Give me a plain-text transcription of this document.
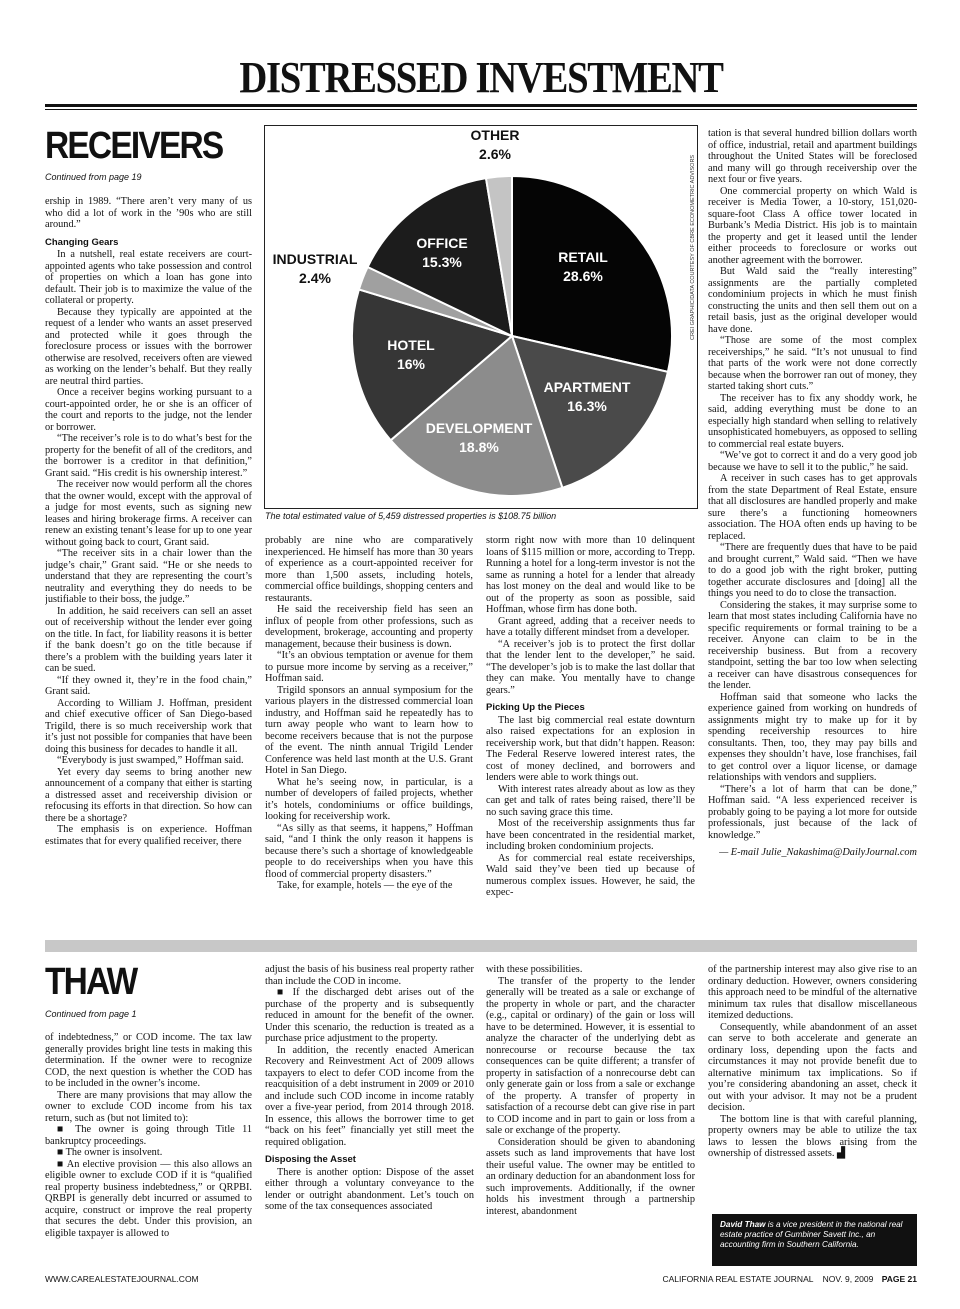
DISTRESSED INVESTMENT
RECEIVERS
Continued from page 19

ership in 1989. “There aren’t very many of us who did a lot of work in the ’90s who are still around.”

Changing Gears

In a nutshell, real estate receivers are court-appointed agents who take possession and control of properties on which a loan has gone into default. Their job is to maximize the value of the collateral or property.

Because they typically are appointed at the request of a lender who wants an asset preserved and protected while it goes through the foreclosure process or issues with the borrower otherwise are resolved, receivers often are viewed as working on the lender’s behalf. But they really are neutral third parties.

Once a receiver begins working pursuant to a court-appointed order, he or she is an officer of the court and reports to the judge, not the lender or borrower.

“The receiver’s role is to do what’s best for the property for the benefit of all of the creditors, and the borrower is a creditor in that definition,” Grant said. “His credit is his ownership interest.”

The receiver now would perform all the chores that the owner would, except with the approval of a judge for most events, such as signing new leases and hiring brokerage firms. A receiver can renew an existing tenant’s lease for up to one year without going back to court, Grant said.

“The receiver sits in a chair lower than the judge’s chair,” Grant said. “He or she needs to understand that they are representing the court’s neutrality and everything they do needs to be justifiable to their boss, the judge.”

In addition, he said receivers can sell an asset out of receivership without the lender ever going on the title. In fact, for liability reasons it is better if the bank doesn’t go on the title because if there’s a problem with the building years later it can be sued.

“If they owned it, they’re in the food chain,” Grant said.

According to William J. Hoffman, president and chief executive officer of San Diego-based Trigild, there is so much receivership work that it’s just not possible for companies that have been doing this business for decades to handle it all.

“Everybody is just swamped,” Hoffman said.

Yet every day seems to bring another new announcement of a company that either is starting a distressed asset and receivership division or refocusing its efforts in that direction. So how can there be a shortage?

The emphasis is on experience. Hoffman estimates that for every qualified receiver, there

probably are nine who are comparatively inexperienced. He himself has more than 30 years of experience as a court-appointed receiver for more than 1,500 assets, including hotels, commercial office buildings, shopping centers and restaurants.

He said the receivership field has seen an influx of people from other professions, such as development, brokerage, accounting and property management, because their business is down.

“It’s an obvious temptation or avenue for them to pursue more income by serving as a receiver,” Hoffman said.

Trigild sponsors an annual symposium for the various players in the distressed commercial loan industry, and Hoffman said he repeatedly has to turn away people who want to learn how to become receivers because that is not the purpose of the event. The ninth annual Trigild Lender Conference was held last month at the U.S. Grant Hotel in San Diego.

What he’s seeing now, in particular, is a number of developers of failed projects, whether it’s hotels, condominiums or office buildings, looking for receivership work.

“As silly as that seems, it happens,” Hoffman said, “and I think the only reason it happens is because there’s such a shortage of knowledgeable people to do receiverships when you have this flood of commercial property disasters.”

Take, for example, hotels — the eye of the

storm right now with more than 10 delinquent loans of $115 million or more, according to Trepp. Running a hotel for a long-term investor is not the same as running a hotel for a lender that already has lost money on the deal and would like to be out of the property as soon as possible, said Hoffman, whose firm has done both.

Grant agreed, adding that a receiver needs to have a totally different mindset from a developer.

“A receiver’s job is to protect the first dollar that the lender lent to the developer,” he said. “The developer’s job is to make the last dollar that they can make. You mentally have to change gears.”

Picking Up the Pieces

The last big commercial real estate downturn also raised expectations for an explosion in receivership work, but that didn’t happen. Reason: The Federal Reserve lowered interest rates, the cost of money declined, and borrowers and lenders were able to work things out.

With interest rates already about as low as they can get and talk of rates being raised, there’ll be no such saving grace this time.

Most of the receivership assignments thus far have been concentrated in the residential market, including broken condominium projects.

As for commercial real estate receiverships, Wald said they’ve been tied up because of numerous complex issues. However, he said, the expec-

tation is that several hundred billion dollars worth of office, industrial, retail and apartment buildings throughout the United States will be foreclosed and many will go through receivership over the next four or five years.

One commercial property on which Wald is receiver is Media Tower, a 10-story, 151,020-square-foot Class A office tower located in Burbank’s Media District. His job is to maintain the property and get it leased until the lender either proceeds to foreclosure or works out another agreement with the borrower.

But Wald said the “really interesting” assignments are the partially completed condominium projects in which he must finish constructing the units and then sell them out on a retail basis, just as the original developer would have done.

“Those are some of the most complex receiverships,” he said. “It’s not unusual to find that parts of the work were not done correctly because when the borrower ran out of money, they started taking short cuts.”

The receiver has to fix any shoddy work, he said, adding everything must be done to an especially high standard when selling to relatively unsophisticated homebuyers, as opposed to selling to commercial real estate buyers.

“We’ve got to correct it and do a very good job because we have to sell it to the public,” he said.

A receiver in such cases has to get approvals from the state Department of Real Estate, ensure that all disclosures are handled properly and make sure there’s a functioning homeowners association. The HOA often ends up having to be replaced.

“There are frequently dues that have to be paid and brought current,” Wald said. “Then we have to do a good job with the right broker, putting together accurate disclosures and [doing] all the things you need to do to close the transaction.

Considering the stakes, it may surprise some to learn that most states including California have no specific requirements or formal training to be a receiver. Anyone can claim to be in the receivership business. But from a recovery standpoint, setting the bar too low when selecting a receiver can have disastrous consequences for the lender.

Hoffman said that someone who lacks the experience gained from working on hundreds of assignments might try to make up for it by spending receivership resources to hire consultants. Then, too, they may pay bills and expenses they shouldn’t have, lose franchises, fail to get control over a liquor license, or damage relationships with vendors and suppliers.

“There’s a lot of harm that can be done,” Hoffman said. “A less experienced receiver is probably going to be paying a lot more for outside professionals, just because of the lack of knowledge.”

— E-mail Julie_Nakashima@DailyJournal.com

RETAIL
28.6%
APARTMENT
16.3%
DEVELOPMENT
18.8%
HOTEL
16%
INDUSTRIAL
2.4%
OFFICE
15.3%
OTHER
2.6%
CREI GRAPHIC/DATA COURTESY OF CBRE ECONOMETRIC ADVISORS
The total estimated value of 5,459 distressed properties is $108.75 billion
THAW
Continued from page 1

of indebtedness,” or COD income. The tax law generally provides bright line tests in making this determination. If the owner were to recognize COD, the next question is whether the COD has to be included in the owner’s income.

There are many provisions that may allow the owner to exclude COD income from his tax return, such as (but not limited to):

■ The owner is going through Title 11 bankruptcy proceedings.

■ The owner is insolvent.

■ An elective provision — this also allows an eligible owner to exclude COD if it is “qualified real property business indebtedness,” or QRPBI. QRBPI is generally debt incurred or assumed to acquire, construct or improve the real property that secures the debt. Under this provision, an eligible taxpayer is allowed to

adjust the basis of his business real property rather than include the COD in income.

■ If the discharged debt arises out of the purchase of the property and is subsequently reduced in amount for the benefit of the owner. Under this scenario, the reduction is treated as a purchase price adjustment to the property.

In addition, the recently enacted American Recovery and Reinvestment Act of 2009 allows taxpayers to elect to defer COD income from the reacquisition of a debt instrument in 2009 or 2010 and include such COD income in income ratably over a five-year period, from 2014 through 2018. In essence, this allows the borrower time to get “back on his feet” financially yet still meet the required obligation.

Disposing the Asset

There is another option: Dispose of the asset either through a voluntary conveyance to the lender or outright abandonment. Let’s touch on some of the tax consequences associated

with these possibilities.

The transfer of the property to the lender generally will be treated as a sale or exchange of the property in whole or part, and the character (e.g., capital or ordinary) of the gain or loss will have to be determined. However, it is essential to analyze the character of the underlying debt as nonrecourse or recourse because the tax consequences can be quite different; a transfer of property in satisfaction of a nonrecourse debt can only generate gain or loss from a sale or exchange of the property. A transfer of property in satisfaction of a recourse debt can give rise in part to COD income and in part to gain or loss from a sale or exchange of the property.

Consideration should be given to abandoning assets such as land improvements that have lost their useful value. The owner may be entitled to an ordinary deduction for an abandonment loss for such improvements. Additionally, if the owner holds his investment through a partnership interest, abandonment

of the partnership interest may also give rise to an ordinary deduction. However, owners considering this approach need to be mindful of the alternative minimum tax rules that disallow miscellaneous itemized deductions.

Consequently, while abandonment of an asset can serve to both accelerate and generate an ordinary loss, depending upon the facts and circumstances it may not provide benefit due to alternative minimum tax implications. So if you’re considering abandoning an asset, check it out with your advisor. It may not be a prudent decision.

The bottom line is that with careful planning, property owners may be able to utilize the tax laws to lessen the blows arising from the ownership of distressed assets. ▟

David Thaw is a vice president in the national real estate practice of Gumbiner Savett Inc., an accounting firm in Southern California.
WWW.CAREALESTATEJOURNAL.COM	CALIFORNIA REAL ESTATE JOURNAL NOV. 9, 2009 PAGE 21
